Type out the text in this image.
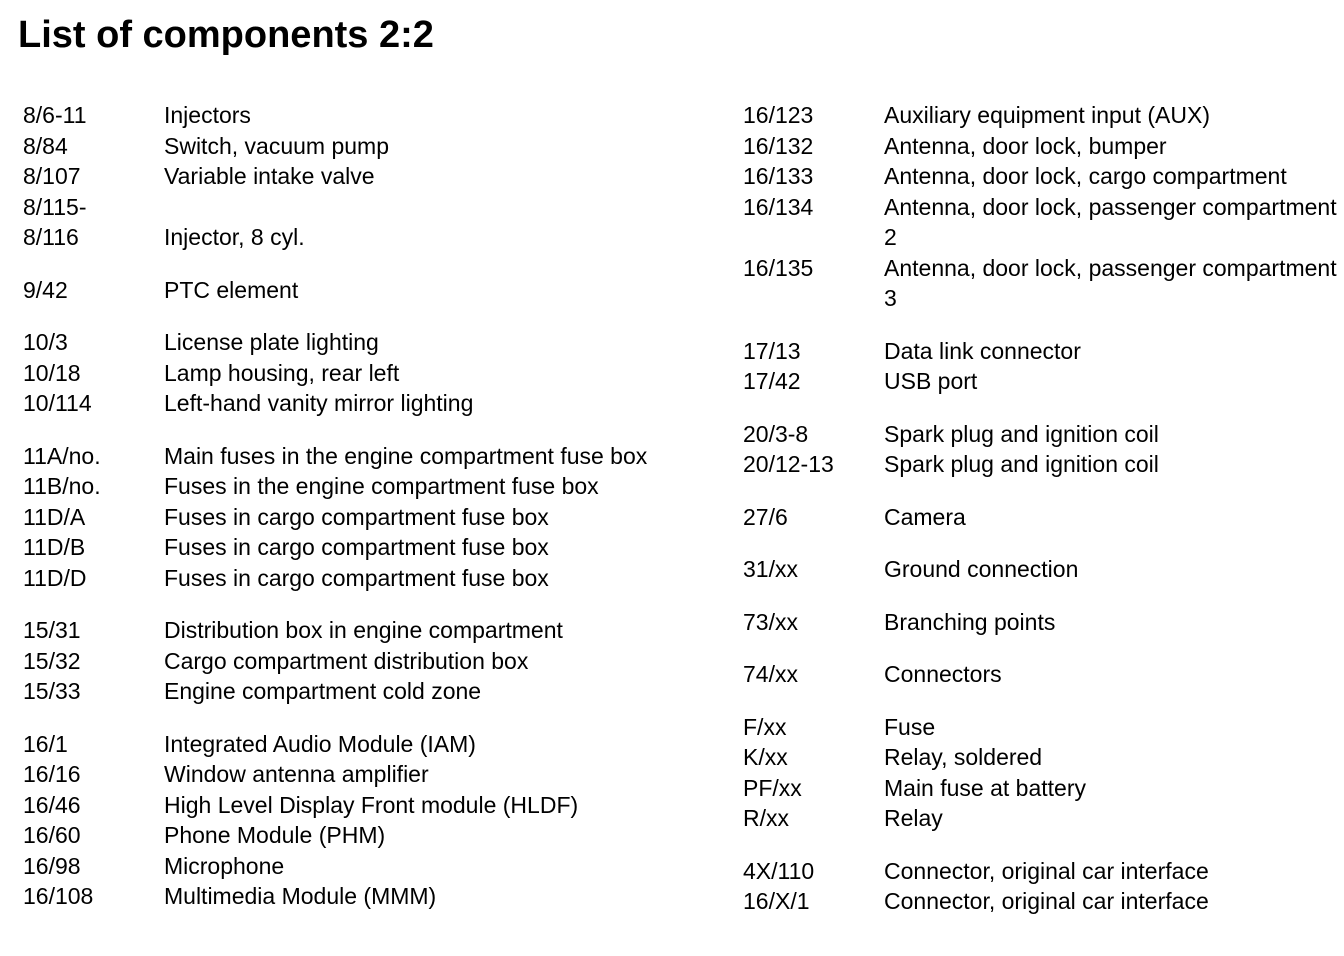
List of components 2:2
8/6-11	Injectors
8/84	Switch, vacuum pump
8/107	Variable intake valve
8/115-
8/116	Injector, 8 cyl.
9/42	PTC element
10/3	License plate lighting
10/18	Lamp housing, rear left
10/114	Left-hand vanity mirror lighting
11A/no.	Main fuses in the engine compartment fuse box
11B/no.	Fuses in the engine compartment fuse box
11D/A	Fuses in cargo compartment fuse box
11D/B	Fuses in cargo compartment fuse box
11D/D	Fuses in cargo compartment fuse box
15/31	Distribution box in engine compartment
15/32	Cargo compartment distribution box
15/33	Engine compartment cold zone
16/1	Integrated Audio Module (IAM)
16/16	Window antenna amplifier
16/46	High Level Display Front module (HLDF)
16/60	Phone Module (PHM)
16/98	Microphone
16/108	Multimedia Module (MMM)
16/123	Auxiliary equipment input (AUX)
16/132	Antenna, door lock, bumper
16/133	Antenna, door lock, cargo compartment
16/134	Antenna, door lock, passenger compartment 2
16/135	Antenna, door lock, passenger compartment 3
17/13	Data link connector
17/42	USB port
20/3-8	Spark plug and ignition coil
20/12-13	Spark plug and ignition coil
27/6	Camera
31/xx	Ground connection
73/xx	Branching points
74/xx	Connectors
F/xx	Fuse
K/xx	Relay, soldered
PF/xx	Main fuse at battery
R/xx	Relay
4X/110	Connector, original car interface
16/X/1	Connector, original car interface
